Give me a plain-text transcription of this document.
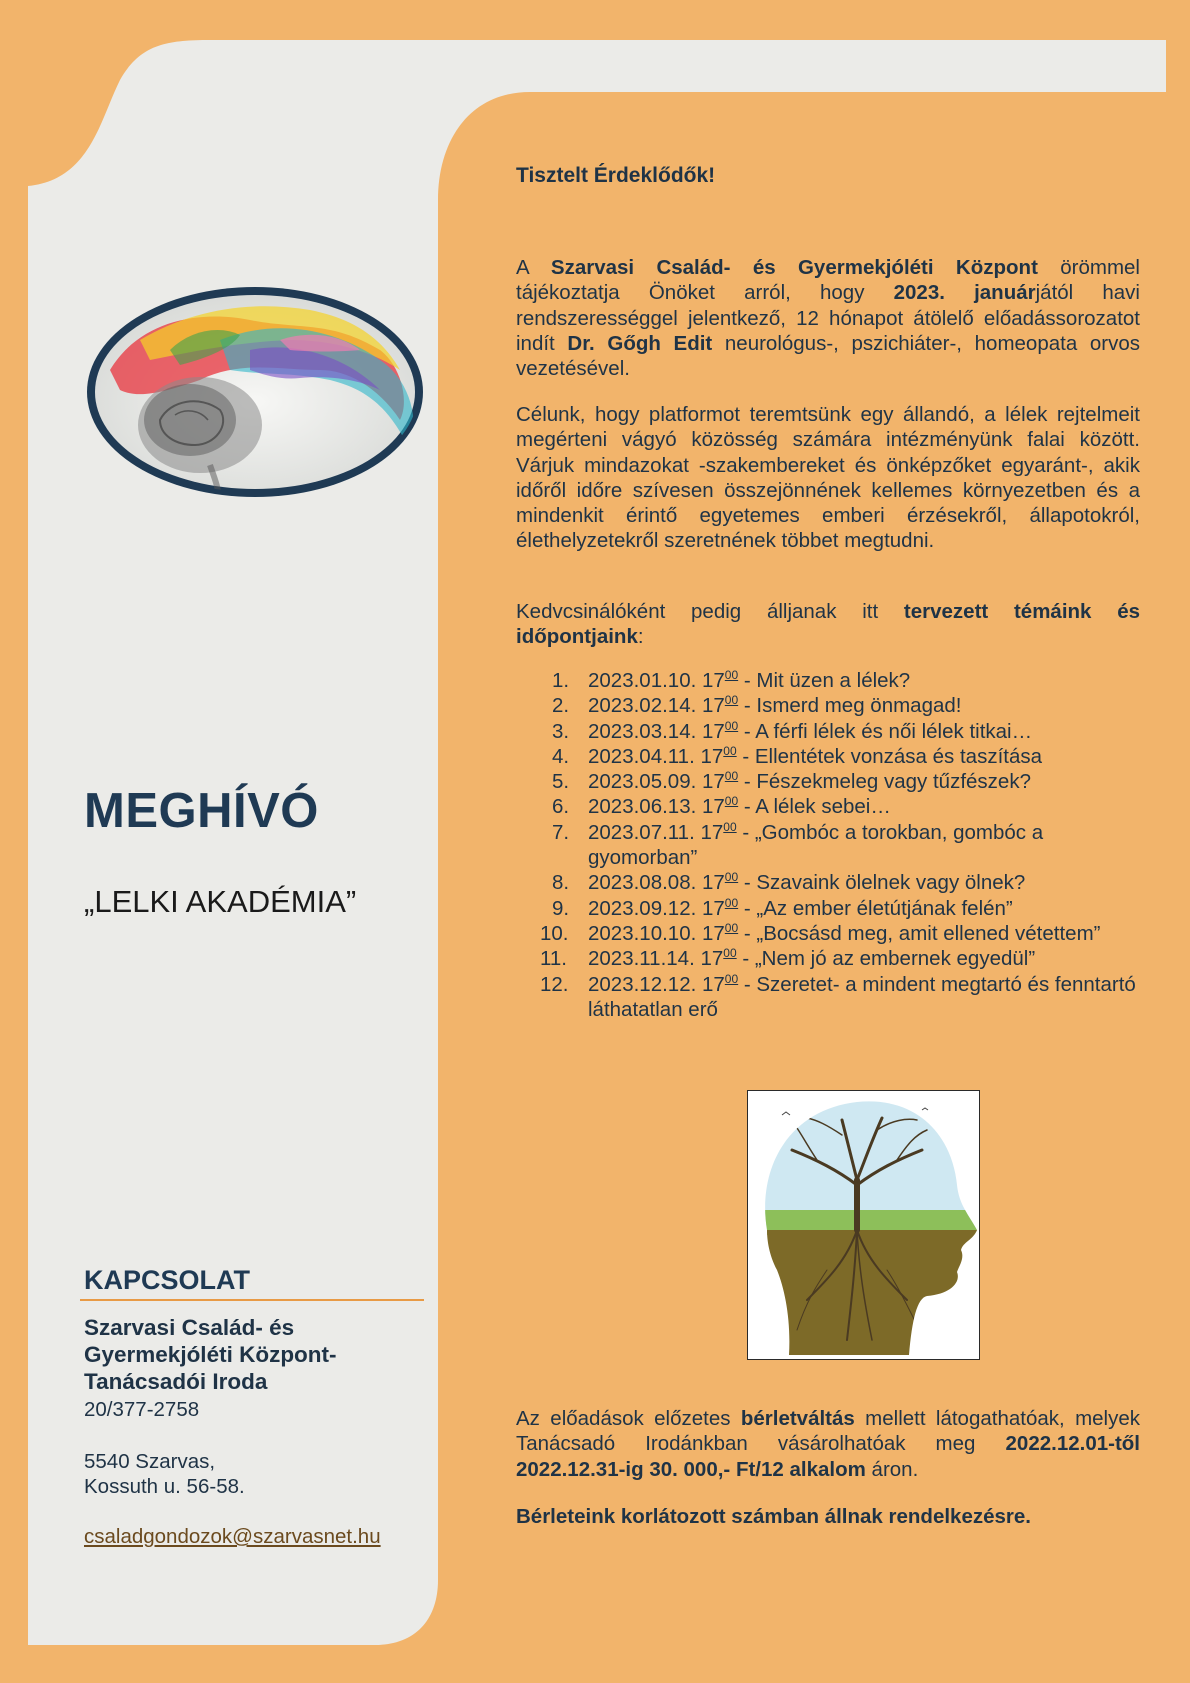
Tisztelt Érdeklődők!

A Szarvasi Család- és Gyermekjóléti Központ örömmel tájékoztatja Önöket arról, hogy 2023. januárjától havi rendszerességgel jelentkező, 12 hónapot átölelő előadássorozatot indít Dr. Gőgh Edit neurológus-, pszichiáter-, homeopata orvos vezetésével.

Célunk, hogy platformot teremtsünk egy állandó, a lélek rejtelmeit megérteni vágyó közösség számára intézményünk falai között. Várjuk mindazokat -szakembereket és önképzőket egyaránt-, akik időről időre szívesen összejönnének kellemes környezetben és a mindenkit érintő egyetemes emberi érzésekről, állapotokról, élethelyzetekről szeretnének többet megtudni.

Kedvcsinálóként pedig álljanak itt tervezett témáink és időpontjaink:

1. 2023.01.10. $17^{00}$ - Mit üzen a lélek?
2. 2023.02.14. $17^{00}$ - Ismerd meg önmagad!
3. 2023.03.14. $17^{00}$ - A férfi lélek és női lélek titkai…
4. 2023.04.11. $17^{00}$ - Ellentétek vonzása és taszítása
5. 2023.05.09. $17^{00}$ - Fészekmeleg vagy tűzfészek?
6. 2023.06.13. $17^{00}$ - A lélek sebei…
7. 2023.07.11. $17^{00}$ - „Gombóc a torokban, gombóc a gyomorban”
8. 2023.08.08. $17^{00}$ - Szavaink ölelnek vagy ölnek?
9. 2023.09.12. $17^{00}$ - „Az ember életútjának felén”
10. 2023.10.10. $17^{00}$ - „Bocsásd meg, amit ellened vétettem”
11. 2023.11.14. $17^{00}$ - „Nem jó az embernek egyedül”
12. 2023.12.12. $17^{00}$ - Szeretet- a mindent megtartó és fenntartó láthatatlan erő

Az előadások előzetes bérletváltás mellett látogathatóak, melyek Tanácsadó Irodánkban vásárolhatóak meg 2022.12.01-től 2022.12.31-ig 30. 000,- Ft/12 alkalom áron.

Bérleteink korlátozott számban állnak rendelkezésre.

MEGHÍVÓ
„LELKI AKADÉMIA”
KAPCSOLAT
Szarvasi Család- és Gyermekjóléti Központ- Tanácsadói Iroda
20/377-2758
5540 Szarvas,
Kossuth u. 56-58.
csaladgondozok@szarvasnet.hu
